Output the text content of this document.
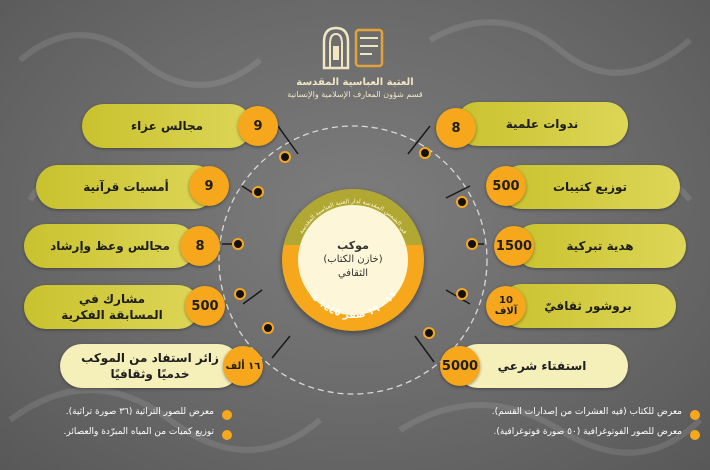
العتبة العباسية المقدسة
قسم شؤون المعارف الإسلامية والإنسانية
مجالس عزاء	9
أمسيات قرآنية	9
مجالس وعظ وإرشاد 8
مشارك في المسابقة الفكرية
500
زائر استفاد من الموكب خدميًا وثقافيًا
١٦ ألف
ندوات علمية
8
توزيع كتيبات
500
هدية تبركية
1500
بروشور ثقافيّ
10 آلاف
استفتاء شرعي
5000
موكب
(خازن الكتاب)
الثقافي
في الشمس المقدسة لدار العتبة العباسية المقدسة
١١ - ١٩ صفر ١٤٤٥ هـ
معرض للصور التراثية (٣٦ صورة تراثية).
توزيع كميات من المياه المبرّدة والعصائر.
معرض للكتاب (فيه العشرات من إصدارات القسم).
معرض للصور الفوتوغرافية (٥٠ صورة فوتوغرافية).
